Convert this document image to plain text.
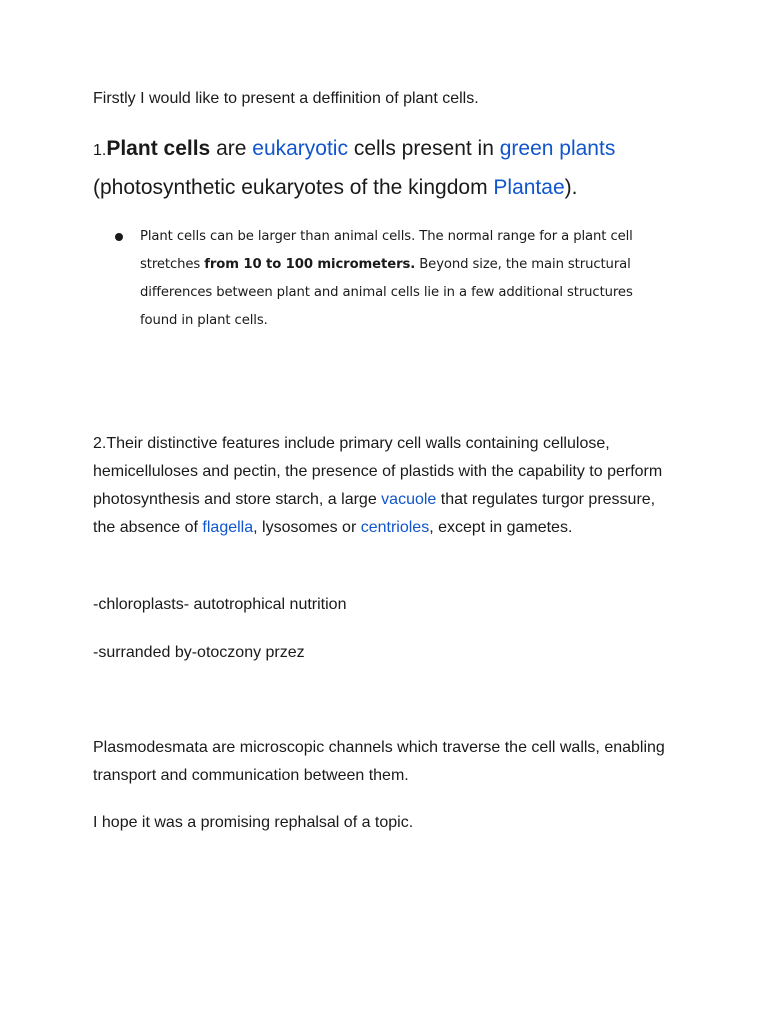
Firstly I would like to present a deffinition of plant cells.

1.Plant cells are eukaryotic cells present in green plants (photosynthetic eukaryotes of the kingdom Plantae).

Plant cells can be larger than animal cells. The normal range for a plant cell stretches from 10 to 100 micrometers. Beyond size, the main structural differences between plant and animal cells lie in a few additional structures found in plant cells.

2.Their distinctive features include primary cell walls containing cellulose, hemicelluloses and pectin, the presence of plastids with the capability to perform photosynthesis and store starch, a large vacuole that regulates turgor pressure, the absence of flagella, lysosomes or centrioles, except in gametes.

-chloroplasts- autotrophical nutrition

-surranded by-otoczony przez

Plasmodesmata are microscopic channels which traverse the cell walls, enabling transport and communication between them.

I hope it was a promising rephalsal of a topic.
